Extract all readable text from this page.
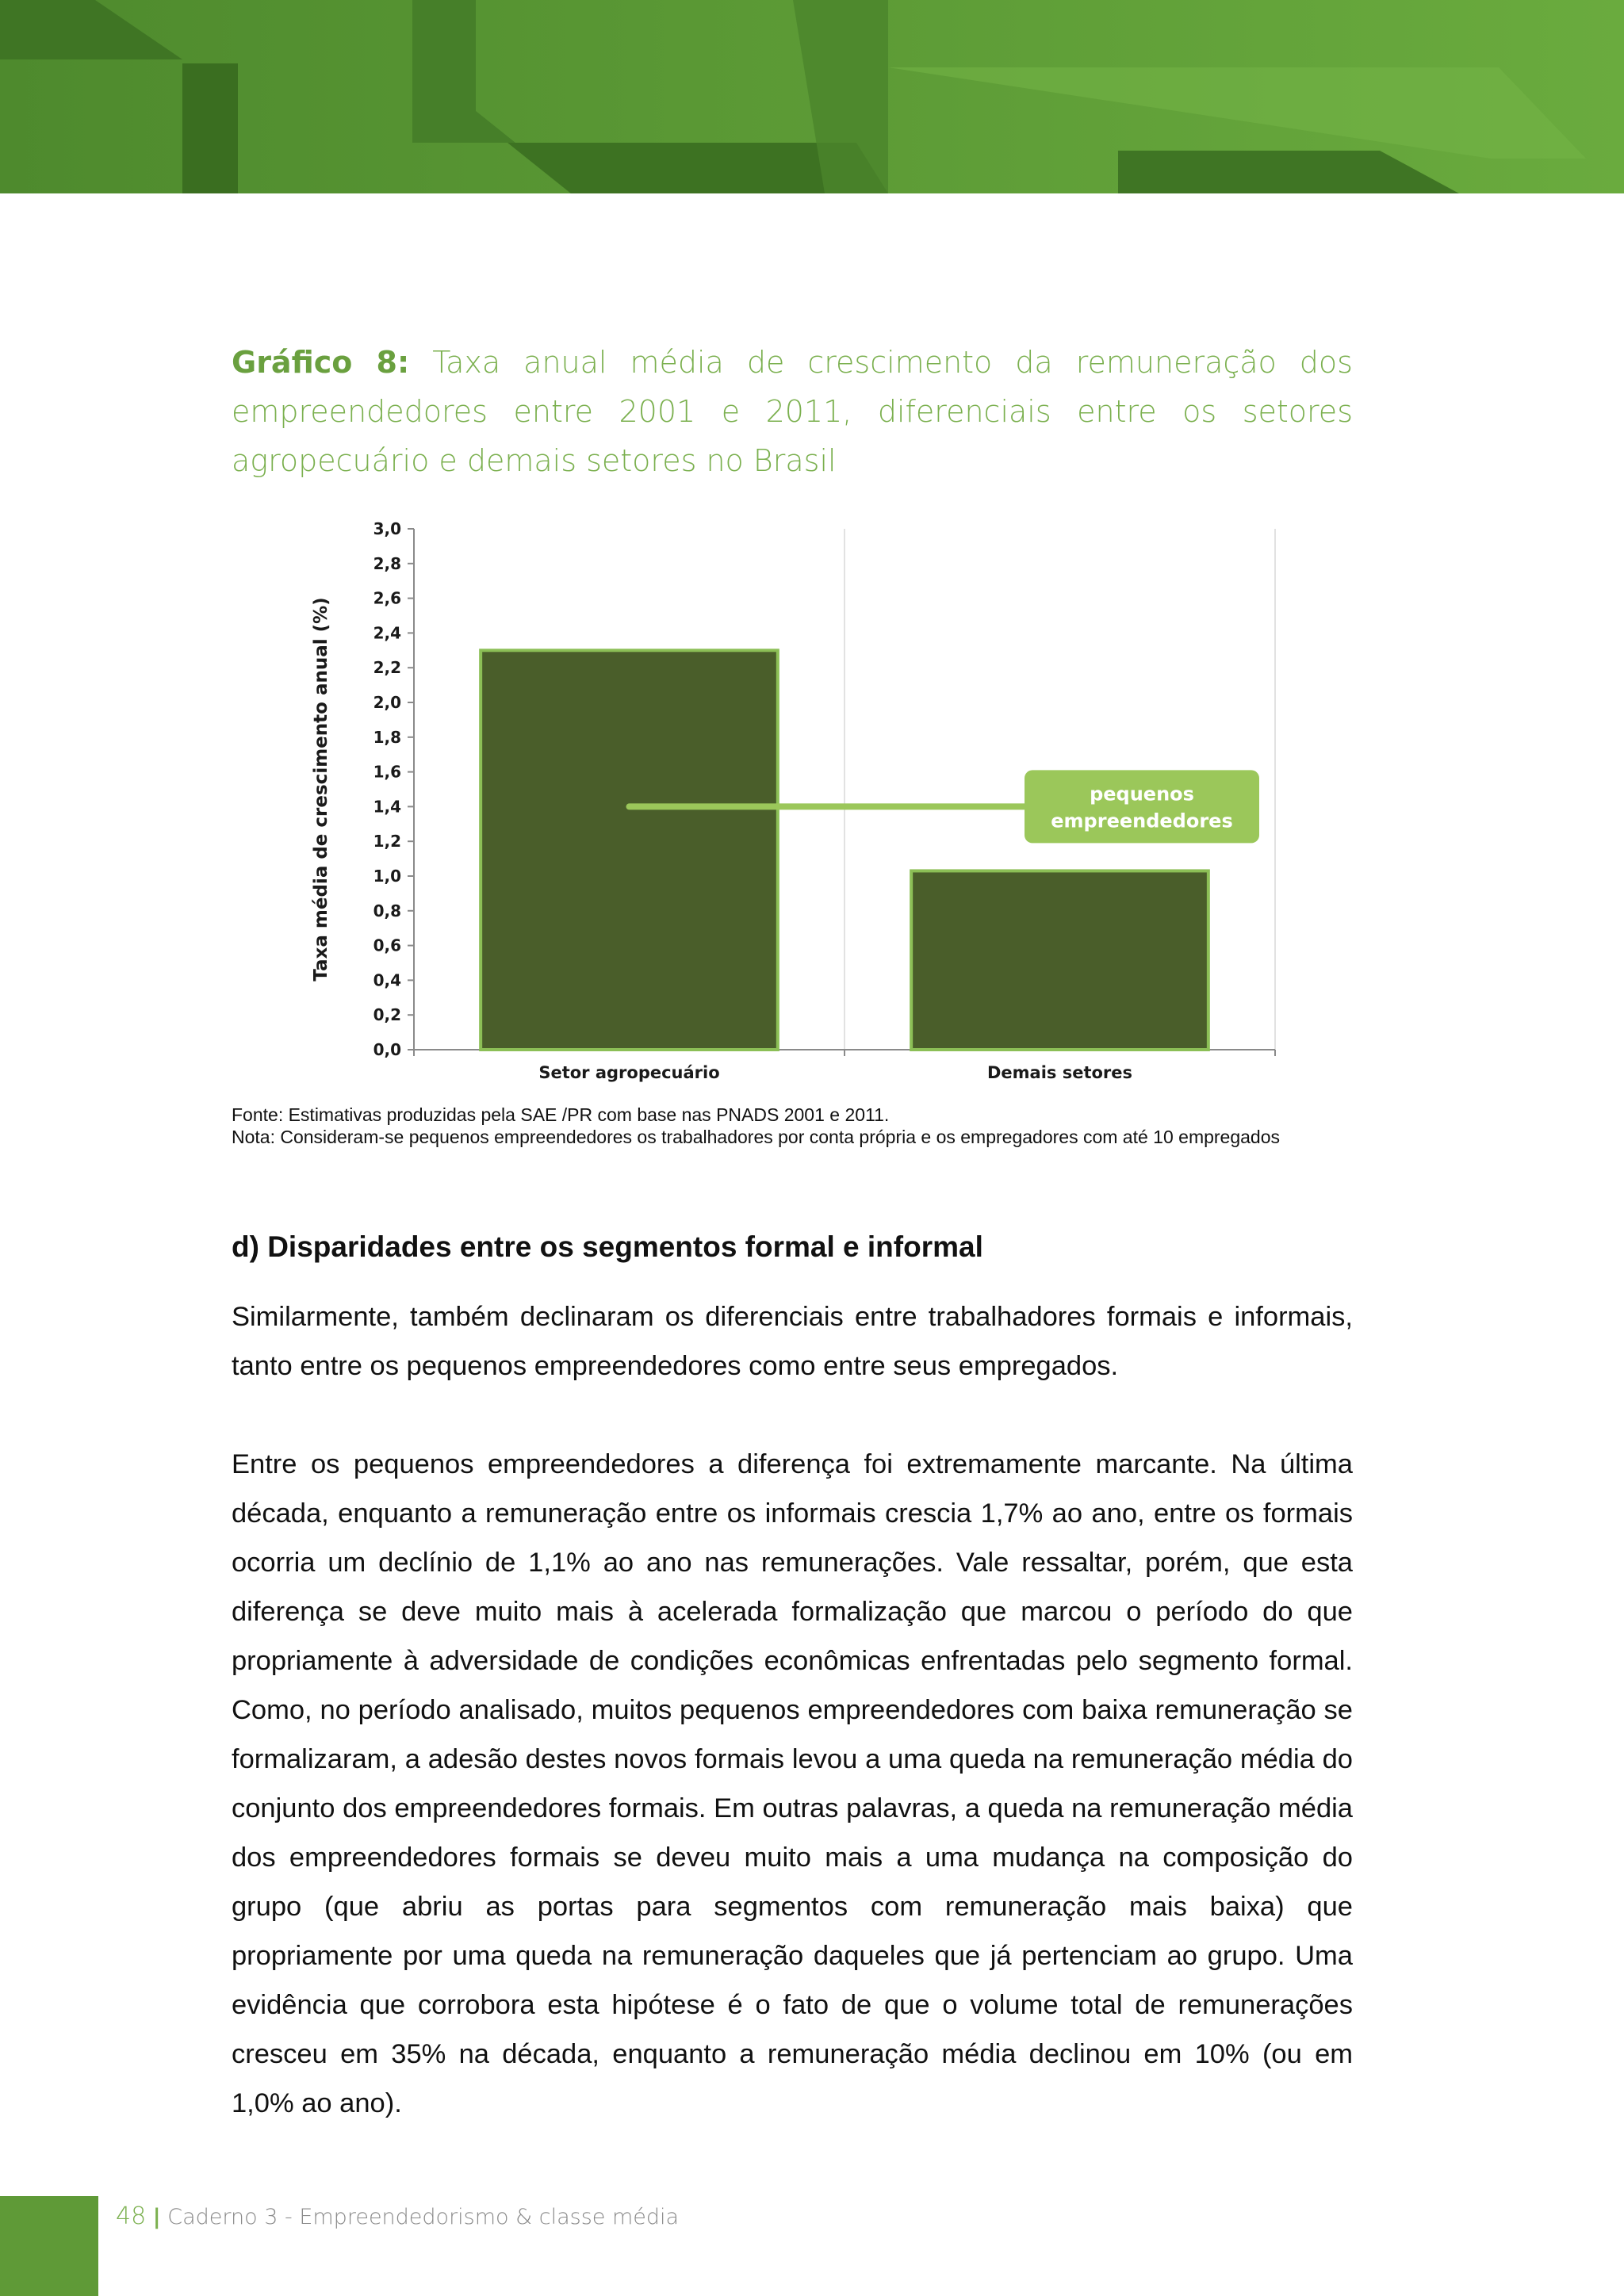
Gráfico 8: Taxa anual média de crescimento da remuneração dos empreendedores entre 2001 e 2011, diferenciais entre os setores agropecuário e demais setores no Brasil
0,0
0,2
0,4
0,6
0,8
1,0
1,2
1,4
1,6
1,8
2,0
2,2
2,4
2,6
2,8
3,0
Setor agropecuário	Demais setores
Taxa média de crescimento anual (%)	pequenos
empreendedores
Fonte: Estimativas produzidas pela SAE /PR com base nas PNADS 2001 e 2011.
Nota: Consideram-se pequenos empreendedores os trabalhadores por conta própria e os empregadores com até 10 empregados
d) Disparidades entre os segmentos formal e informal

Similarmente, também declinaram os diferenciais entre trabalhadores formais e informais, tanto entre os pequenos empreendedores como entre seus empregados.

Entre os pequenos empreendedores a diferença foi extremamente marcante. Na última década, enquanto a remuneração entre os informais crescia 1,7% ao ano, entre os formais ocorria um declínio de 1,1% ao ano nas remunerações. Vale ressaltar, porém, que esta diferença se deve muito mais à acelerada formalização que marcou o período do que propriamente à adversidade de condições econômicas enfrentadas pelo segmento formal. Como, no período analisado, muitos pequenos empreendedores com baixa remuneração se formalizaram, a adesão destes novos formais levou a uma queda na remuneração média do conjunto dos empreendedores formais. Em outras palavras, a queda na remuneração média dos empreendedores formais se deveu muito mais a uma mudança na composição do grupo (que abriu as portas para segmentos com remuneração mais baixa) que propriamente por uma queda na remuneração daqueles que já pertenciam ao grupo. Uma evidência que corrobora esta hipótese é o fato de que o volume total de remunerações cresceu em 35% na década, enquanto a remuneração média declinou em 10% (ou em 1,0% ao ano).

48 | Caderno 3 - Empreendedorismo & classe média
